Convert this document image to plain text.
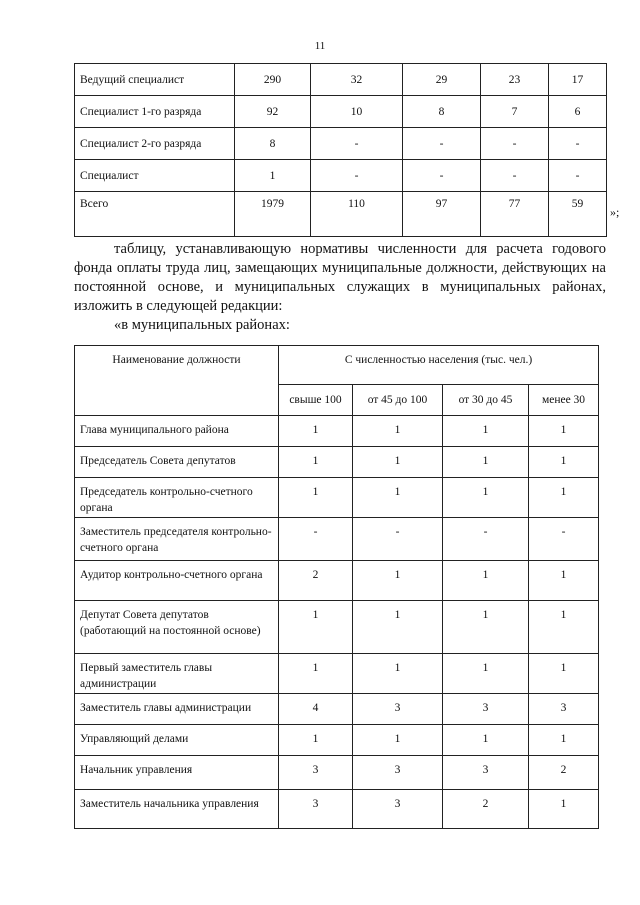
11
Ведущий специалист	290	32	29	23	17
Специалист 1-го разряда	92	10	8	7	6
Специалист 2-го разряда	8	-	-	-	-
Специалист	1	-	-	-	-
Всего	1979	110	97	77	59
»;
таблицу, устанавливающую нормативы численности для расчета годового фонда оплаты труда лиц, замещающих муниципальные должности, действующих на постоянной основе, и муниципальных служащих в муниципальных районах, изложить в следующей редакции:
«в муниципальных районах:
Наименование должности	С численностью населения (тыс. чел.)			
	свыше 100	от 45 до 100	от 30 до 45	менее 30
Глава муниципального района	1	1	1	1
Председатель Совета депутатов	1	1	1	1
Председатель контрольно-счетного органа	1	1	1	1
Заместитель председателя контрольно-счетного органа	-	-	-	-
Аудитор контрольно-счетного органа	2	1	1	1
Депутат Совета депутатов (работающий на постоянной основе)	1	1	1	1
Первый заместитель главы администрации	1	1	1	1
Заместитель главы администрации	4	3	3	3
Управляющий делами	1	1	1	1
Начальник управления	3	3	3	2
Заместитель начальника управления	3	3	2	1
